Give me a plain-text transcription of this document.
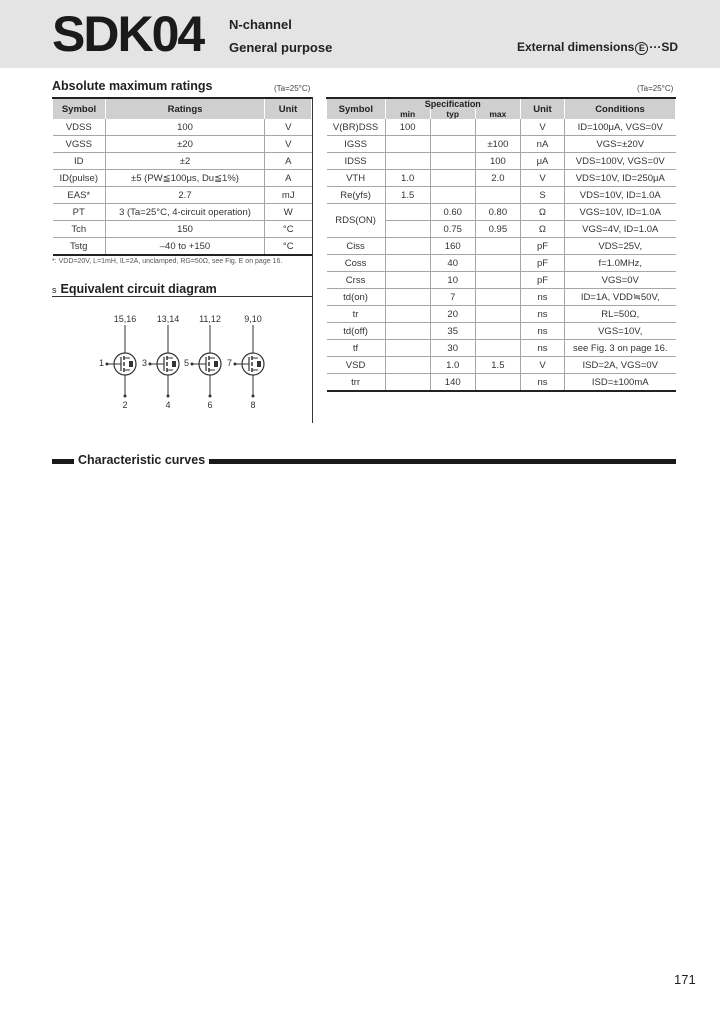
SDK04 N-channel
General purpose	External dimensions E ···SD
Absolute maximum ratings	(Ta=25°C)
Symbol	Ratings	Unit
VDSS	100	V
VGSS	±20	V
ID	±2	A
ID(pulse)	±5 (PW≦100μs, Du≦1%)	A
EAS*	2.7	mJ
PT	3 (Ta=25°C, 4-circuit operation)	W
Tch	150	°C
Tstg	–40 to +150	°C
*: VDD=20V, L=1mH, IL=2A, unclamped, RG=50Ω, see Fig. E on page 16.
(Ta=25°C)
Symbol	Specification			Unit	Conditions
	min	typ	max		
V(BR)DSS	100			V	ID=100μA, VGS=0V
IGSS			±100	nA	VGS=±20V
IDSS			100	μA	VDS=100V, VGS=0V
VTH	1.0		2.0	V	VDS=10V, ID=250μA
Re(yfs)	1.5			S	VDS=10V, ID=1.0A
RDS(ON)		0.60	0.80	Ω	VGS=10V, ID=1.0A
		0.75	0.95	Ω	VGS=4V, ID=1.0A
Ciss		160		pF	VDS=25V,
Coss		40		pF	f=1.0MHz,
Crss		10		pF	VGS=0V
td(on)		7		ns	ID=1A, VDD≒50V,
tr		20		ns	RL=50Ω,
td(off)		35		ns	VGS=10V,
tf		30		ns	see Fig. 3 on page 16.
VSD		1.0	1.5	V	ISD=2A, VGS=0V
trr		140		ns	ISD=±100mA
s Equivalent circuit diagram
15,16
1
2
13,14
3
4
11,12
5
6
9,10
7
8
Characteristic curves
171
